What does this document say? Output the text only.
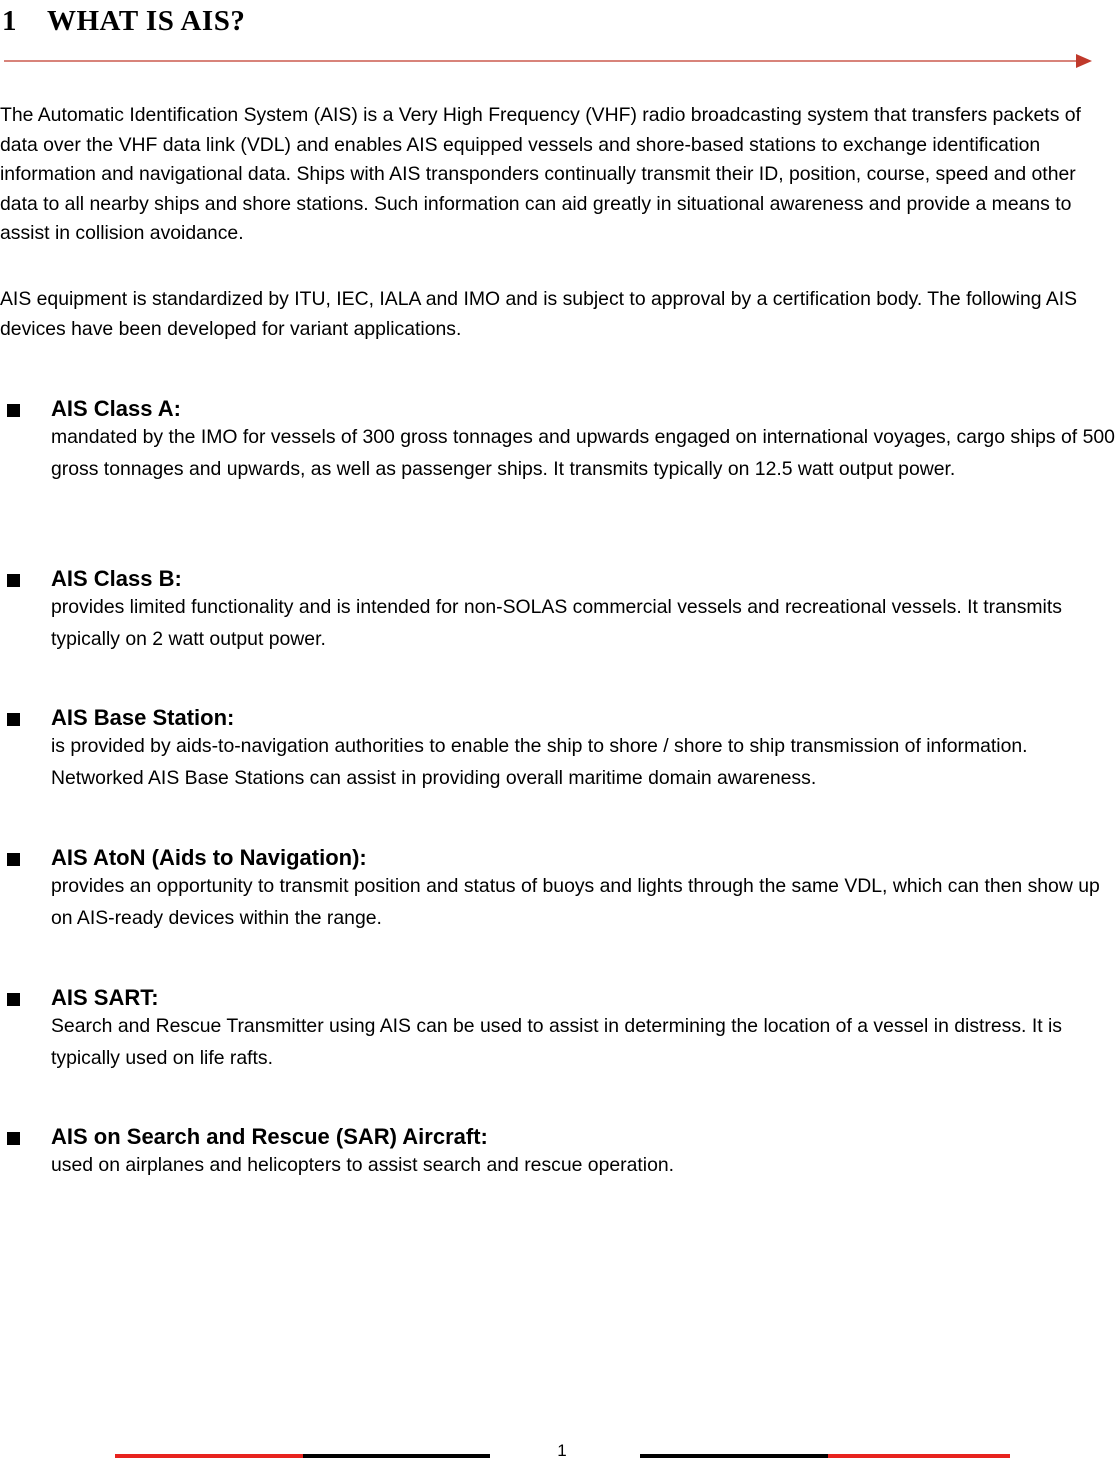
1	WHAT IS AIS?

The Automatic Identification System (AIS) is a Very High Frequency (VHF) radio broadcasting system that transfers packets of data over the VHF data link (VDL) and enables AIS equipped vessels and shore-based stations to exchange identification information and navigational data. Ships with AIS transponders continually transmit their ID, position, course, speed and other data to all nearby ships and shore stations. Such information can aid greatly in situational awareness and provide a means to assist in collision avoidance.

AIS equipment is standardized by ITU, IEC, IALA and IMO and is subject to approval by a certification body. The following AIS devices have been developed for variant applications.

AIS Class A:

mandated by the IMO for vessels of 300 gross tonnages and upwards engaged on international voyages, cargo ships of 500 gross tonnages and upwards, as well as passenger ships. It transmits typically on 12.5 watt output power.

AIS Class B:

provides limited functionality and is intended for non-SOLAS commercial vessels and recreational vessels. It transmits typically on 2 watt output power.

AIS Base Station:

is provided by aids-to-navigation authorities to enable the ship to shore / shore to ship transmission of information. Networked AIS Base Stations can assist in providing overall maritime domain awareness.

AIS AtoN (Aids to Navigation):

provides an opportunity to transmit position and status of buoys and lights through the same VDL, which can then show up on AIS-ready devices within the range.

AIS SART:

Search and Rescue Transmitter using AIS can be used to assist in determining the location of a vessel in distress. It is typically used on life rafts.

AIS on Search and Rescue (SAR) Aircraft:

used on airplanes and helicopters to assist search and rescue operation.

1
